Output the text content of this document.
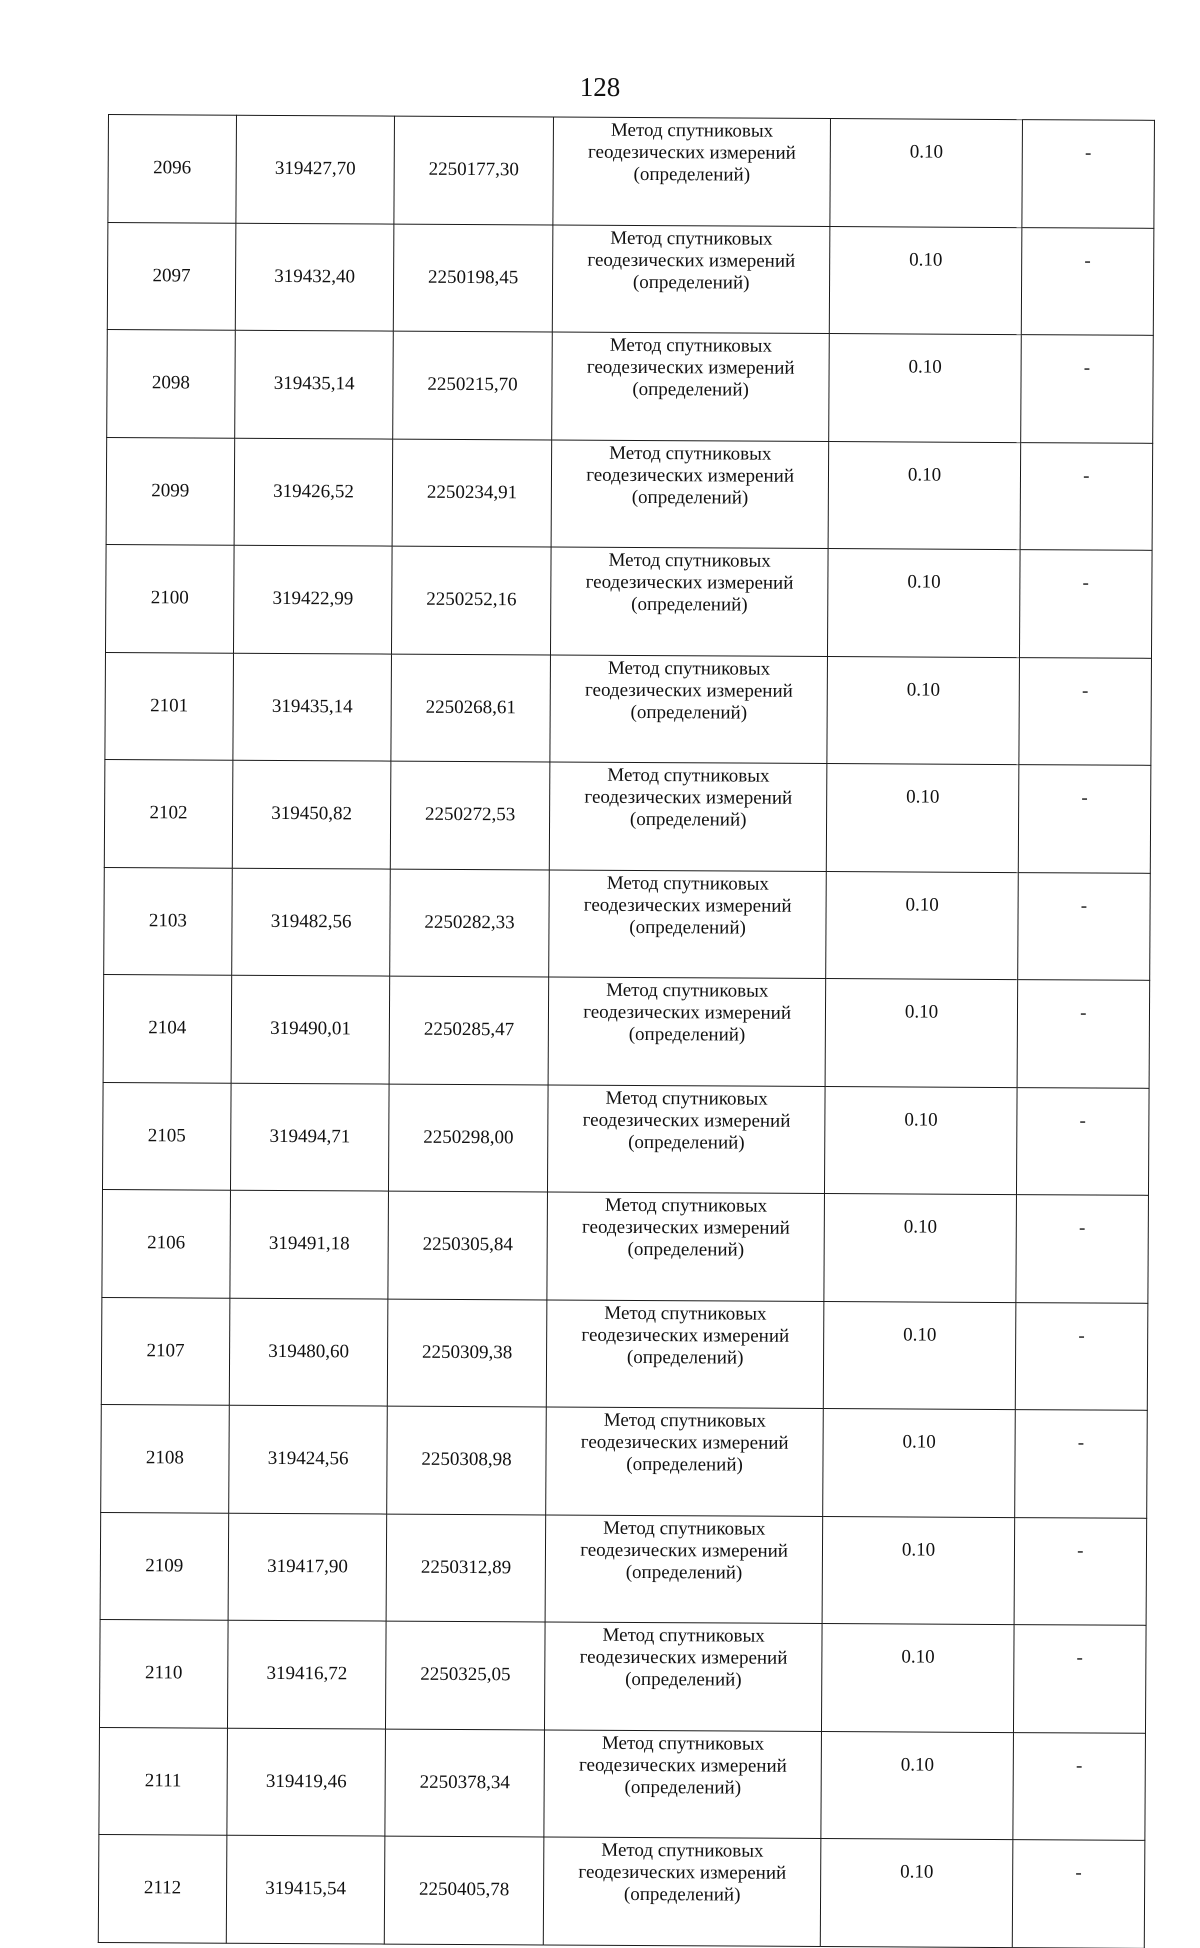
128
2096	319427,70	2250177,30	Метод спутниковых
геодезических измерений
(определений)	0.10	-
2097	319432,40	2250198,45	Метод спутниковых
геодезических измерений
(определений)	0.10	-
2098	319435,14	2250215,70	Метод спутниковых
геодезических измерений
(определений)	0.10	-
2099	319426,52	2250234,91	Метод спутниковых
геодезических измерений
(определений)	0.10	-
2100	319422,99	2250252,16	Метод спутниковых
геодезических измерений
(определений)	0.10	-
2101	319435,14	2250268,61	Метод спутниковых
геодезических измерений
(определений)	0.10	-
2102	319450,82	2250272,53	Метод спутниковых
геодезических измерений
(определений)	0.10	-
2103	319482,56	2250282,33	Метод спутниковых
геодезических измерений
(определений)	0.10	-
2104	319490,01	2250285,47	Метод спутниковых
геодезических измерений
(определений)	0.10	-
2105	319494,71	2250298,00	Метод спутниковых
геодезических измерений
(определений)	0.10	-
2106	319491,18	2250305,84	Метод спутниковых
геодезических измерений
(определений)	0.10	-
2107	319480,60	2250309,38	Метод спутниковых
геодезических измерений
(определений)	0.10	-
2108	319424,56	2250308,98	Метод спутниковых
геодезических измерений
(определений)	0.10	-
2109	319417,90	2250312,89	Метод спутниковых
геодезических измерений
(определений)	0.10	-
2110	319416,72	2250325,05	Метод спутниковых
геодезических измерений
(определений)	0.10	-
2111	319419,46	2250378,34	Метод спутниковых
геодезических измерений
(определений)	0.10	-
2112	319415,54	2250405,78	Метод спутниковых
геодезических измерений
(определений)	0.10	-
